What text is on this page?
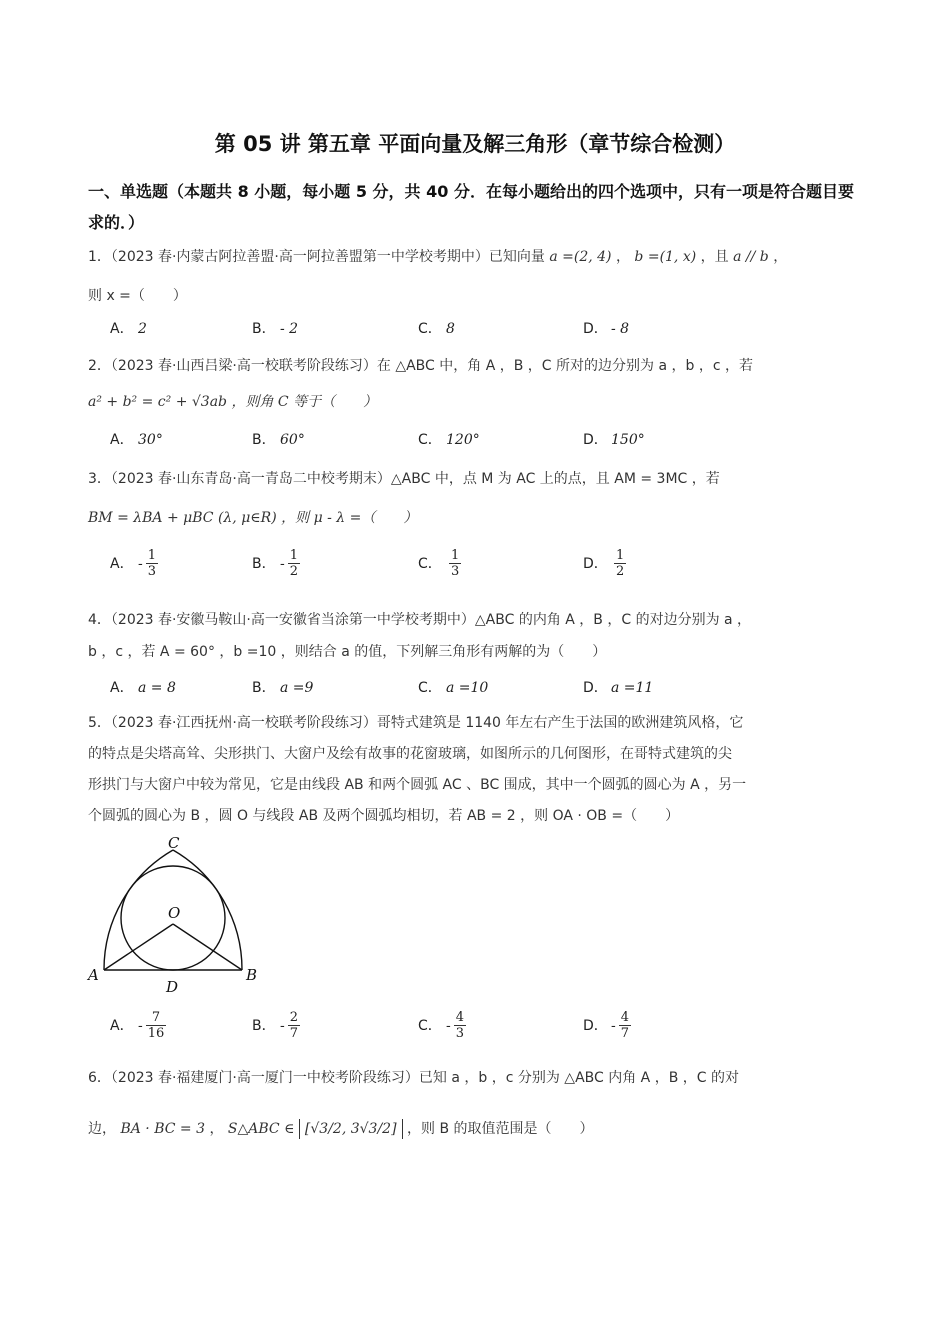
第 05 讲 第五章 平面向量及解三角形（章节综合检测）
一、单选题（本题共 8 小题，每小题 5 分，共 40 分．在每小题给出的四个选项中，只有一项是符合题目要求的．）
1．（2023 春·内蒙古阿拉善盟·高一阿拉善盟第一中学校考期中）已知向量 a =(2, 4) ， b =(1, x) ，且 a // b ，
则 x =（　　）
A． 2	B． - 2	C． 8	D． - 8
2．（2023 春·山西吕梁·高一校联考阶段练习）在 △ABC 中，角 A ，B ，C 所对的边分别为 a ，b ，c ，若
a² + b² = c² + √3ab ，则角 C 等于（　　）
A． 30°	B． 60°	C． 120°	D． 150°
3．（2023 春·山东青岛·高一青岛二中校考期末）△ABC 中，点 M 为 AC 上的点，且 AM = 3MC ，若
BM = λBA + μBC (λ, μ∈R) ，则 μ - λ =（　　）
A． - $\frac{1}{3}$	B． - $\frac{1}{2}$	C． $\frac{1}{3}$	D． $\frac{1}{2}$
4．（2023 春·安徽马鞍山·高一安徽省当涂第一中学校考期中）△ABC 的内角 A ，B ，C 的对边分别为 a ，
b ，c ，若 A = 60° ，b =10 ，则结合 a 的值，下列解三角形有两解的为（　　）
A． a = 8	B． a =9	C． a =10	D． a =11
5．（2023 春·江西抚州·高一校联考阶段练习）哥特式建筑是 1140 年左右产生于法国的欧洲建筑风格，它
的特点是尖塔高耸、尖形拱门、大窗户及绘有故事的花窗玻璃，如图所示的几何图形，在哥特式建筑的尖
形拱门与大窗户中较为常见，它是由线段 AB 和两个圆弧 AC 、BC 围成，其中一个圆弧的圆心为 A ，另一
个圆弧的圆心为 B ，圆 O 与线段 AB 及两个圆弧均相切，若 AB = 2 ，则 OA · OB =（　　）
C
O
A	B
D
A． - $\frac{7}{16}$	B． - $\frac{2}{7}$	C． - $\frac{4}{3}$	D． - $\frac{4}{7}$
6．（2023 春·福建厦门·高一厦门一中校考阶段练习）已知 a ，b ，c 分别为 △ABC 内角 A ，B ，C 的对
边， BA · BC = 3 ， S△ABC ∈ [√3/2, 3√3/2] ，则 B 的取值范围是（　　）
